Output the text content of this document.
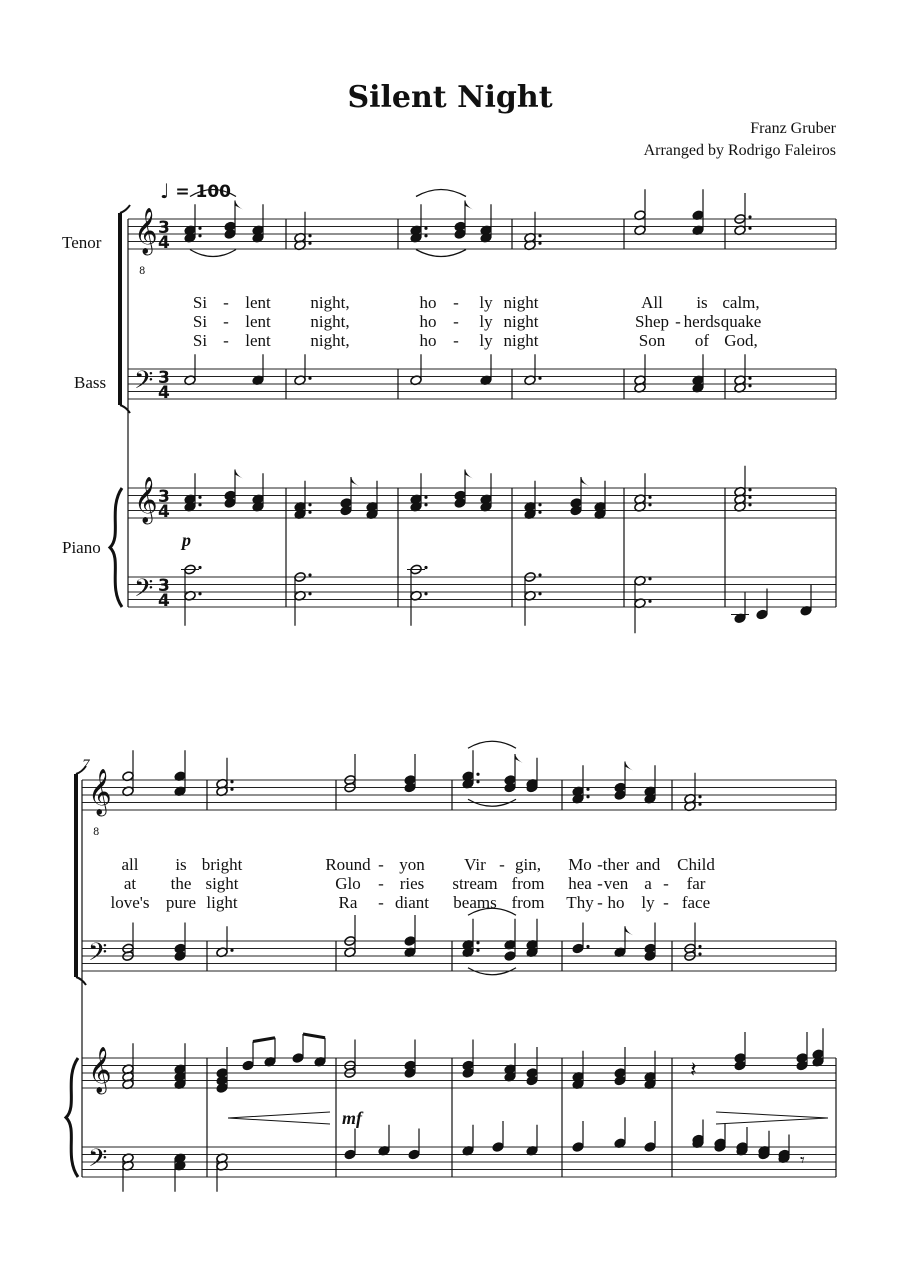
Silent Night
Franz Gruber
Arranged by Rodrigo Faleiros
♩ = 100
Tenor
Bass
Piano
7
p
mf
Si lent night,	ho	ly night	All is calm,
-	-
Si lent night,	ho	ly night	Shep herds quake
-	-	-
Si lent night,	ho	ly night	Son of God,
-	-
all is bright	Round yon Vir gin, Mo ther and Child
-	-	-
at the sight	Glo ries stream from hea ven a far
-	-	-
love's pure light	Ra diant beams from Thy ho ly face
-	-	-
𝄞
8
𝄢
𝄞
𝄢
3
4
3
4
3
4
3
4
𝄞
8
𝄢
𝄞
𝄢
𝄽
𝄾
